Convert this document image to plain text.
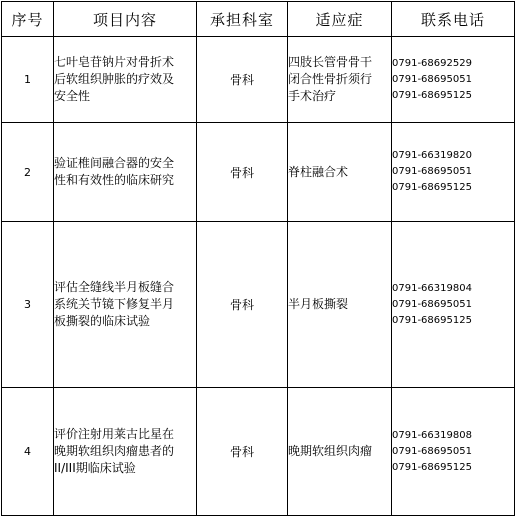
序号	项目内容	承担科室	适应症	联系电话
1	七叶皂苷钠片对骨折术
后软组织肿胀的疗效及
安全性	骨科	四肢长管骨骨干
闭合性骨折须行
手术治疗	0791-68692529
0791-68695051
0791-68695125

2	验证椎间融合器的安全
性和有效性的临床研究	骨科	脊柱融合术	0791-66319820
0791-68695051
0791-68695125

3	评估全缝线半月板缝合
系统关节镜下修复半月
板撕裂的临床试验	骨科	半月板撕裂	0791-66319804
0791-68695051
0791-68695125

4	评价注射用莱古比星在
晚期软组织肉瘤患者的
II/III期临床试验	骨科	晚期软组织肉瘤	0791-66319808
0791-68695051
0791-68695125
